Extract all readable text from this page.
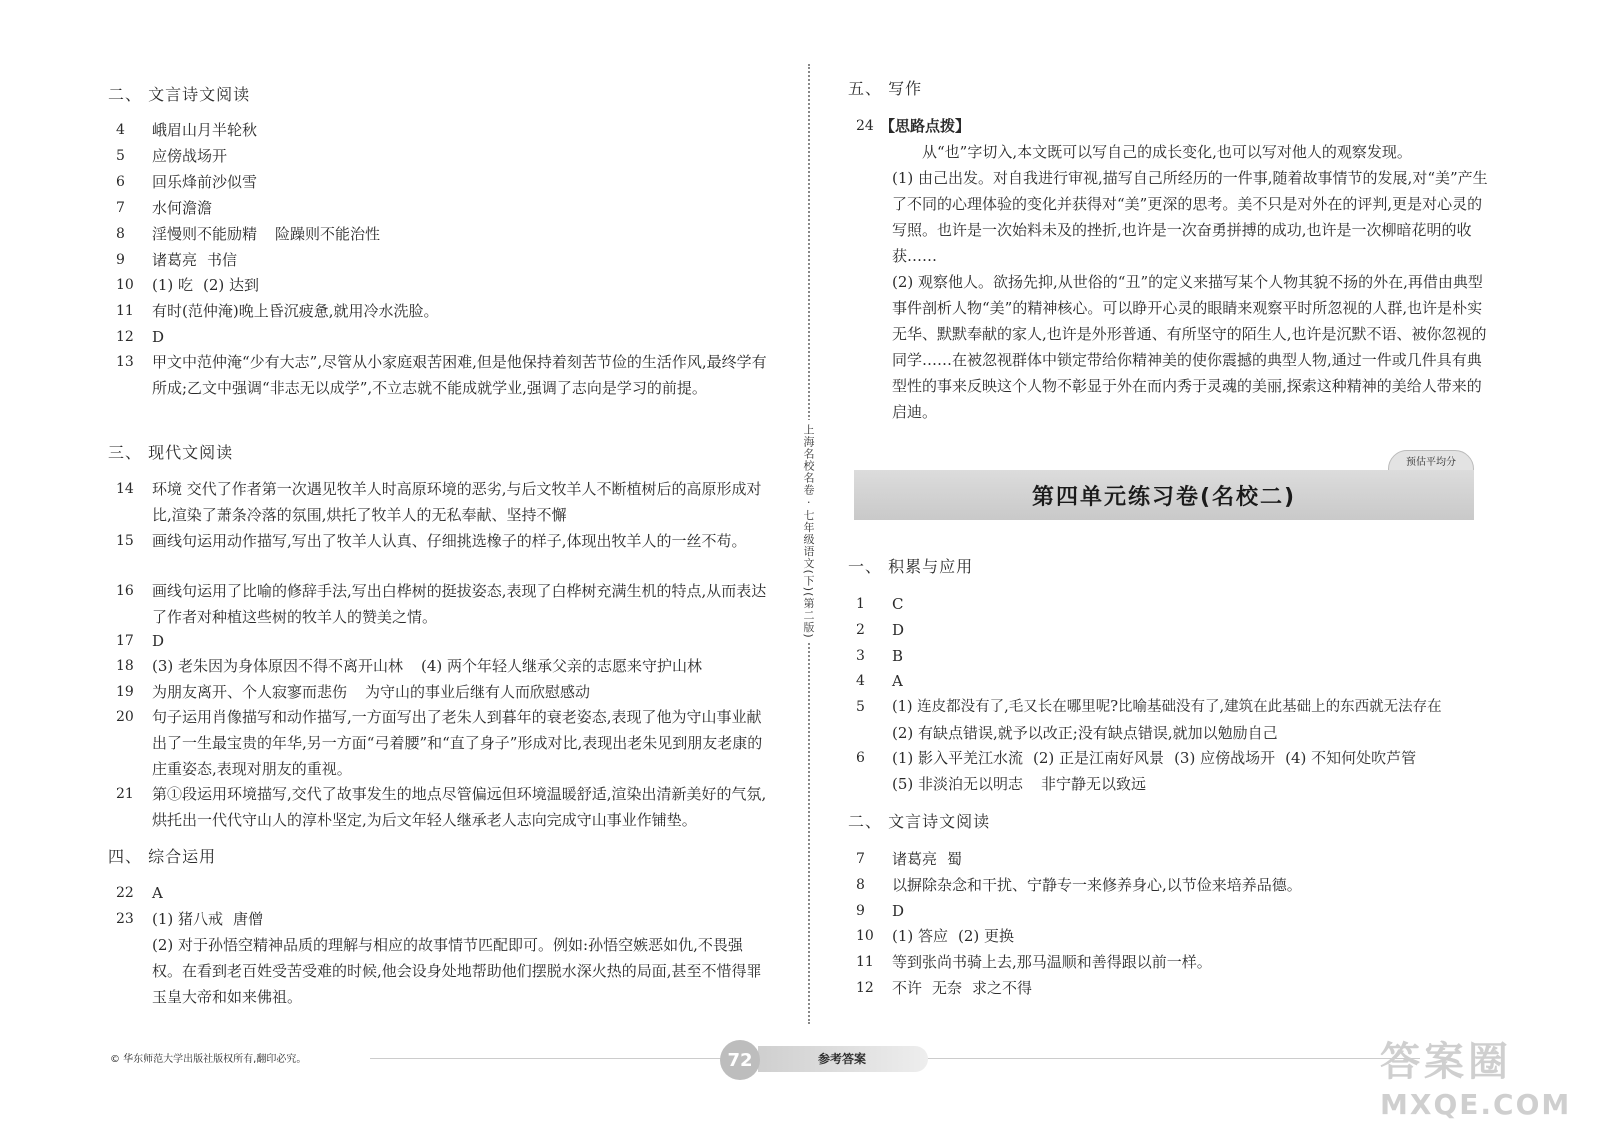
二、 文言诗文阅读
4	峨眉山月半轮秋
5	应傍战场开
6	回乐烽前沙似雪
7	水何澹澹
8	淫慢则不能励精 险躁则不能治性
9	诸葛亮 书信
10	(1) 吃 (2) 达到
11	有时(范仲淹)晚上昏沉疲惫,就用冷水洗脸。
12	D
13	甲文中范仲淹“少有大志”,尽管从小家庭艰苦困难,但是他保持着刻苦节俭的生活作风,最终学有所成;乙文中强调“非志无以成学”,不立志就不能成就学业,强调了志向是学习的前提。
三、 现代文阅读
14	环境 交代了作者第一次遇见牧羊人时高原环境的恶劣,与后文牧羊人不断植树后的高原形成对比,渲染了萧条冷落的氛围,烘托了牧羊人的无私奉献、坚持不懈
15	画线句运用动作描写,写出了牧羊人认真、仔细挑选橡子的样子,体现出牧羊人的一丝不苟。
16	画线句运用了比喻的修辞手法,写出白桦树的挺拔姿态,表现了白桦树充满生机的特点,从而表达了作者对种植这些树的牧羊人的赞美之情。
17	D
18	(3) 老朱因为身体原因不得不离开山林 (4) 两个年轻人继承父亲的志愿来守护山林
19	为朋友离开、个人寂寥而悲伤 为守山的事业后继有人而欣慰感动
20	句子运用肖像描写和动作描写,一方面写出了老朱人到暮年的衰老姿态,表现了他为守山事业献出了一生最宝贵的年华,另一方面“弓着腰”和“直了身子”形成对比,表现出老朱见到朋友老康的庄重姿态,表现对朋友的重视。
21	第①段运用环境描写,交代了故事发生的地点尽管偏远但环境温暖舒适,渲染出清新美好的气氛,烘托出一代代守山人的淳朴坚定,为后文年轻人继承老人志向完成守山事业作铺垫。
四、 综合运用
22	A
23	(1) 猪八戒 唐僧

(2) 对于孙悟空精神品质的理解与相应的故事情节匹配即可。例如:孙悟空嫉恶如仇,不畏强权。在看到老百姓受苦受难的时候,他会设身处地帮助他们摆脱水深火热的局面,甚至不惜得罪玉皇大帝和如来佛祖。

上海名校名卷 · 七年级语文(下)(第二版)
五、 写作
24 【思路点拨】

从“也”字切入,本文既可以写自己的成长变化,也可以写对他人的观察发现。

(1) 由己出发。对自我进行审视,描写自己所经历的一件事,随着故事情节的发展,对“美”产生了不同的心理体验的变化并获得对“美”更深的思考。美不只是对外在的评判,更是对心灵的写照。也许是一次始料未及的挫折,也许是一次奋勇拼搏的成功,也许是一次柳暗花明的收获……

(2) 观察他人。欲扬先抑,从世俗的“丑”的定义来描写某个人物其貌不扬的外在,再借由典型事件剖析人物“美”的精神核心。可以睁开心灵的眼睛来观察平时所忽视的人群,也许是朴实无华、默默奉献的家人,也许是外形普通、有所坚守的陌生人,也许是沉默不语、被你忽视的同学……在被忽视群体中锁定带给你精神美的使你震撼的典型人物,通过一件或几件具有典型性的事来反映这个人物不彰显于外在而内秀于灵魂的美丽,探索这种精神的美给人带来的启迪。

预估平均分
第四单元练习卷(名校二)
一、 积累与应用
1	C
2	D
3	B
4	A
5	(1) 连皮都没有了,毛又长在哪里呢?比喻基础没有了,建筑在此基础上的东西就无法存在

(2) 有缺点错误,就予以改正;没有缺点错误,就加以勉励自己

6	(1) 影入平羌江水流 (2) 正是江南好风景 (3) 应傍战场开 (4) 不知何处吹芦管

(5) 非淡泊无以明志 非宁静无以致远

二、 文言诗文阅读
7	诸葛亮 蜀
8	以摒除杂念和干扰、宁静专一来修养身心,以节俭来培养品德。
9	D
10	(1) 答应 (2) 更换
11	等到张尚书骑上去,那马温顺和善得跟以前一样。
12	不许 无奈 求之不得
© 华东师范大学出版社版权所有,翻印必究。	参考答案
72	答案圈
MXQE.COM
